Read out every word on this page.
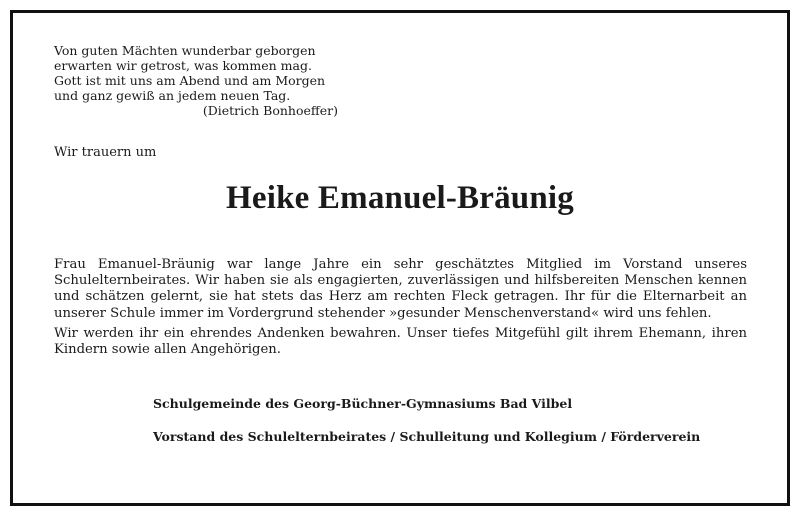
Von guten Mächten wunderbar geborgen
erwarten wir getrost, was kommen mag.
Gott ist mit uns am Abend und am Morgen
und ganz gewiß an jedem neuen Tag.
(Dietrich Bonhoeffer)
Wir trauern um
Heike Emanuel-Bräunig

Frau Emanuel-Bräunig war lange Jahre ein sehr geschätztes Mitglied im Vorstand unseres Schulelternbeirates. Wir haben sie als engagierten, zuverlässigen und hilfsbereiten Menschen kennen und schätzen gelernt, sie hat stets das Herz am rechten Fleck getragen. Ihr für die Elternarbeit an unserer Schule immer im Vordergrund stehender »gesunder Menschenverstand« wird uns fehlen.

Wir werden ihr ein ehrendes Andenken bewahren. Unser tiefes Mitgefühl gilt ihrem Ehemann, ihren Kindern sowie allen Angehörigen.

Schulgemeinde des Georg-Büchner-Gymnasiums Bad Vilbel
Vorstand des Schulelternbeirates / Schulleitung und Kollegium / Förderverein
